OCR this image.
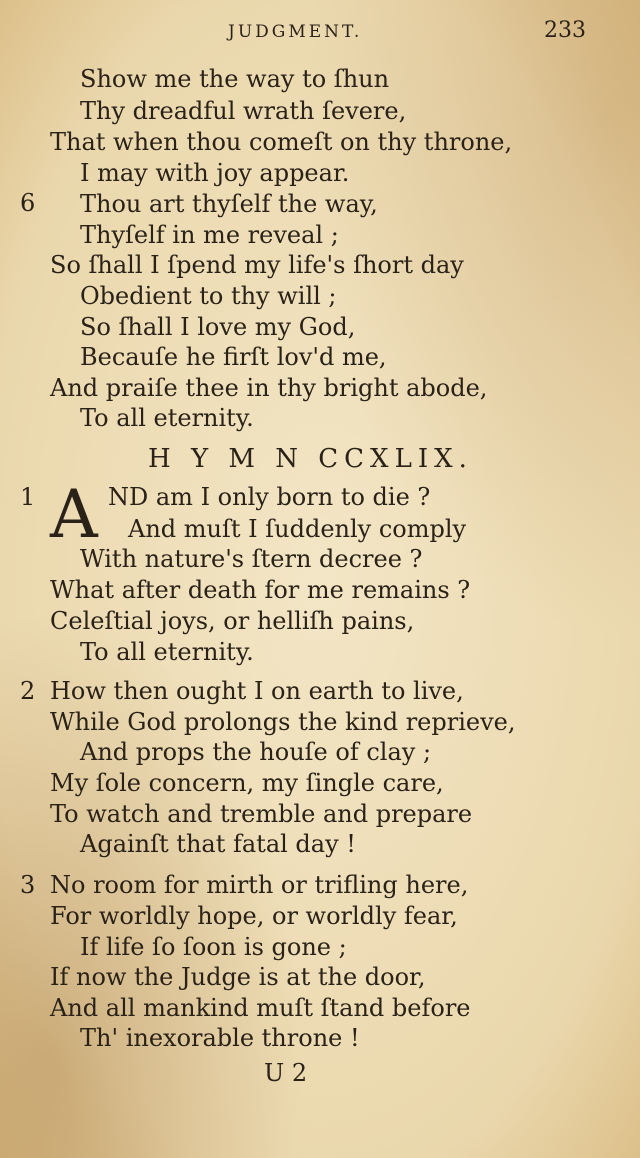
JUDGMENT.	233
Show me the way to ſhun
Thy dreadful wrath ſevere,
That when thou comeſt on thy throne,
I may with joy appear.
6 Thou art thyſelf the way,
Thyſelf in me reveal ;
So ſhall I ſpend my life's ſhort day
Obedient to thy will ;
So ſhall I love my God,
Becauſe he firſt lov'd me,
And praiſe thee in thy bright abode,
To all eternity.
H Y M N CCXLIX.
1 A ND am I only born to die ?
And muſt I ſuddenly comply
With nature's ſtern decree ?
What after death for me remains ?
Celeſtial joys, or helliſh pains,
To all eternity.
2 How then ought I on earth to live,
While God prolongs the kind reprieve,
And props the houſe of clay ;
My ſole concern, my ſingle care,
To watch and tremble and prepare
Againſt that fatal day !
3 No room for mirth or trifling here,
For worldly hope, or worldly fear,
If life ſo ſoon is gone ;
If now the Judge is at the door,
And all mankind muſt ſtand before
Th' inexorable throne !
U 2
